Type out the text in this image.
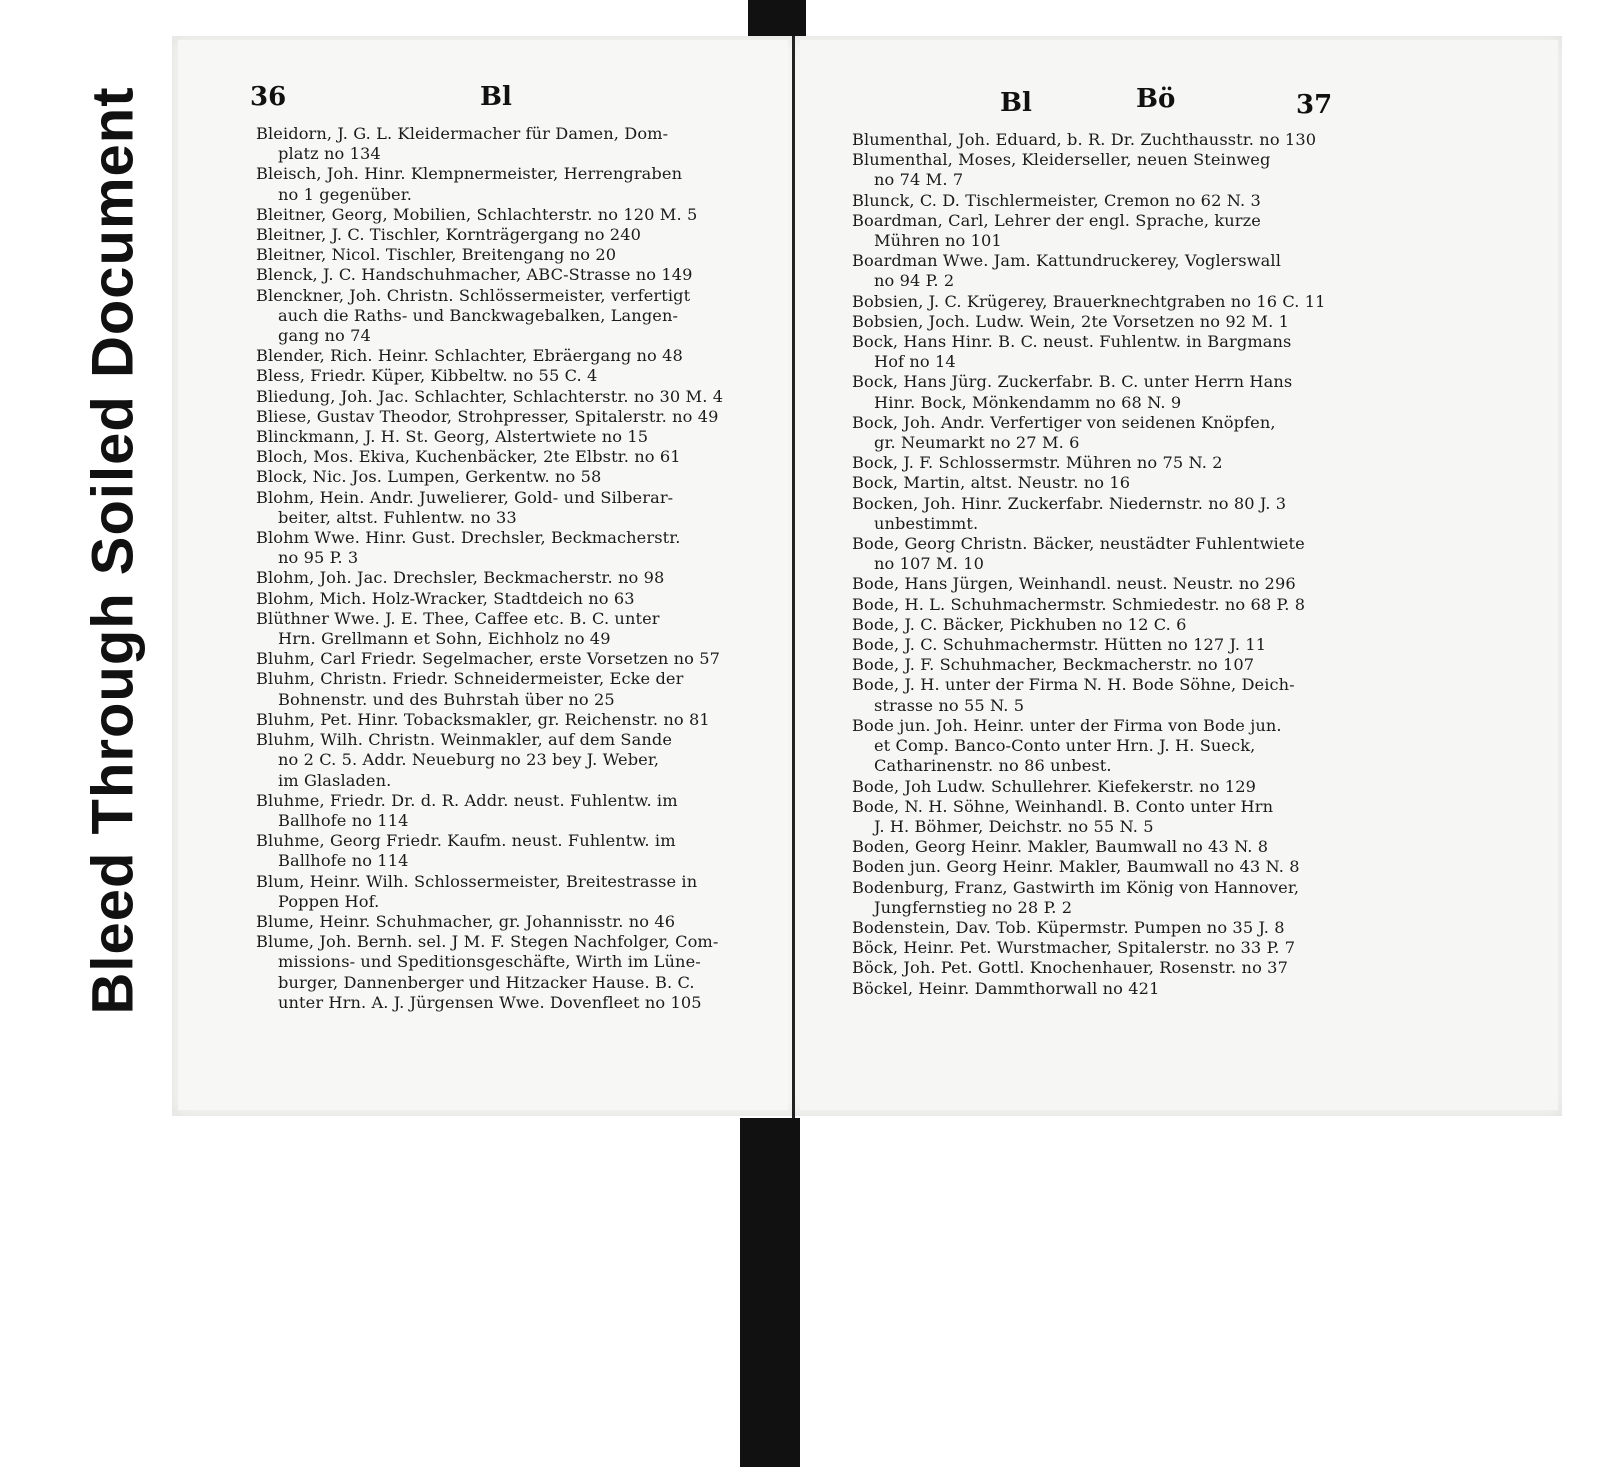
Bleed Through Soiled Document	36	Bl	Bl	Bö	37
Bleidorn, J. G. L. Kleidermacher für Damen, Dom-
platz no 134
Bleisch, Joh. Hinr. Klempnermeister, Herrengraben
no 1 gegenüber.
Bleitner, Georg, Mobilien, Schlachterstr. no 120 M. 5
Bleitner, J. C. Tischler, Kornträgergang no 240
Bleitner, Nicol. Tischler, Breitengang no 20
Blenck, J. C. Handschuhmacher, ABC-Strasse no 149
Blenckner, Joh. Christn. Schlössermeister, verfertigt
auch die Raths- und Banckwagebalken, Langen-
gang no 74
Blender, Rich. Heinr. Schlachter, Ebräergang no 48
Bless, Friedr. Küper, Kibbeltw. no 55 C. 4
Bliedung, Joh. Jac. Schlachter, Schlachterstr. no 30 M. 4
Bliese, Gustav Theodor, Strohpresser, Spitalerstr. no 49
Blinckmann, J. H. St. Georg, Alstertwiete no 15
Bloch, Mos. Ekiva, Kuchenbäcker, 2te Elbstr. no 61
Block, Nic. Jos. Lumpen, Gerkentw. no 58
Blohm, Hein. Andr. Juwelierer, Gold- und Silberar-
beiter, altst. Fuhlentw. no 33
Blohm Wwe. Hinr. Gust. Drechsler, Beckmacherstr.
no 95 P. 3
Blohm, Joh. Jac. Drechsler, Beckmacherstr. no 98
Blohm, Mich. Holz-Wracker, Stadtdeich no 63
Blüthner Wwe. J. E. Thee, Caffee etc. B. C. unter
Hrn. Grellmann et Sohn, Eichholz no 49
Bluhm, Carl Friedr. Segelmacher, erste Vorsetzen no 57
Bluhm, Christn. Friedr. Schneidermeister, Ecke der
Bohnenstr. und des Buhrstah über no 25
Bluhm, Pet. Hinr. Tobacksmakler, gr. Reichenstr. no 81
Bluhm, Wilh. Christn. Weinmakler, auf dem Sande
no 2 C. 5. Addr. Neueburg no 23 bey J. Weber,
im Glasladen.
Bluhme, Friedr. Dr. d. R. Addr. neust. Fuhlentw. im
Ballhofe no 114
Bluhme, Georg Friedr. Kaufm. neust. Fuhlentw. im
Ballhofe no 114
Blum, Heinr. Wilh. Schlossermeister, Breitestrasse in
Poppen Hof.
Blume, Heinr. Schuhmacher, gr. Johannisstr. no 46
Blume, Joh. Bernh. sel. J M. F. Stegen Nachfolger, Com-
missions- und Speditionsgeschäfte, Wirth im Lüne-
burger, Dannenberger und Hitzacker Hause. B. C.
unter Hrn. A. J. Jürgensen Wwe. Dovenfleet no 105
Blumenthal, Joh. Eduard, b. R. Dr. Zuchthausstr. no 130
Blumenthal, Moses, Kleiderseller, neuen Steinweg
no 74 M. 7
Blunck, C. D. Tischlermeister, Cremon no 62 N. 3
Boardman, Carl, Lehrer der engl. Sprache, kurze
Mühren no 101
Boardman Wwe. Jam. Kattundruckerey, Voglerswall
no 94 P. 2
Bobsien, J. C. Krügerey, Brauerknechtgraben no 16 C. 11
Bobsien, Joch. Ludw. Wein, 2te Vorsetzen no 92 M. 1
Bock, Hans Hinr. B. C. neust. Fuhlentw. in Bargmans
Hof no 14
Bock, Hans Jürg. Zuckerfabr. B. C. unter Herrn Hans
Hinr. Bock, Mönkendamm no 68 N. 9
Bock, Joh. Andr. Verfertiger von seidenen Knöpfen,
gr. Neumarkt no 27 M. 6
Bock, J. F. Schlossermstr. Mühren no 75 N. 2
Bock, Martin, altst. Neustr. no 16
Bocken, Joh. Hinr. Zuckerfabr. Niedernstr. no 80 J. 3
unbestimmt.
Bode, Georg Christn. Bäcker, neustädter Fuhlentwiete
no 107 M. 10
Bode, Hans Jürgen, Weinhandl. neust. Neustr. no 296
Bode, H. L. Schuhmachermstr. Schmiedestr. no 68 P. 8
Bode, J. C. Bäcker, Pickhuben no 12 C. 6
Bode, J. C. Schuhmachermstr. Hütten no 127 J. 11
Bode, J. F. Schuhmacher, Beckmacherstr. no 107
Bode, J. H. unter der Firma N. H. Bode Söhne, Deich-
strasse no 55 N. 5
Bode jun. Joh. Heinr. unter der Firma von Bode jun.
et Comp. Banco-Conto unter Hrn. J. H. Sueck,
Catharinenstr. no 86 unbest.
Bode, Joh Ludw. Schullehrer. Kiefekerstr. no 129
Bode, N. H. Söhne, Weinhandl. B. Conto unter Hrn
J. H. Böhmer, Deichstr. no 55 N. 5
Boden, Georg Heinr. Makler, Baumwall no 43 N. 8
Boden jun. Georg Heinr. Makler, Baumwall no 43 N. 8
Bodenburg, Franz, Gastwirth im König von Hannover,
Jungfernstieg no 28 P. 2
Bodenstein, Dav. Tob. Küpermstr. Pumpen no 35 J. 8
Böck, Heinr. Pet. Wurstmacher, Spitalerstr. no 33 P. 7
Böck, Joh. Pet. Gottl. Knochenhauer, Rosenstr. no 37
Böckel, Heinr. Dammthorwall no 421
